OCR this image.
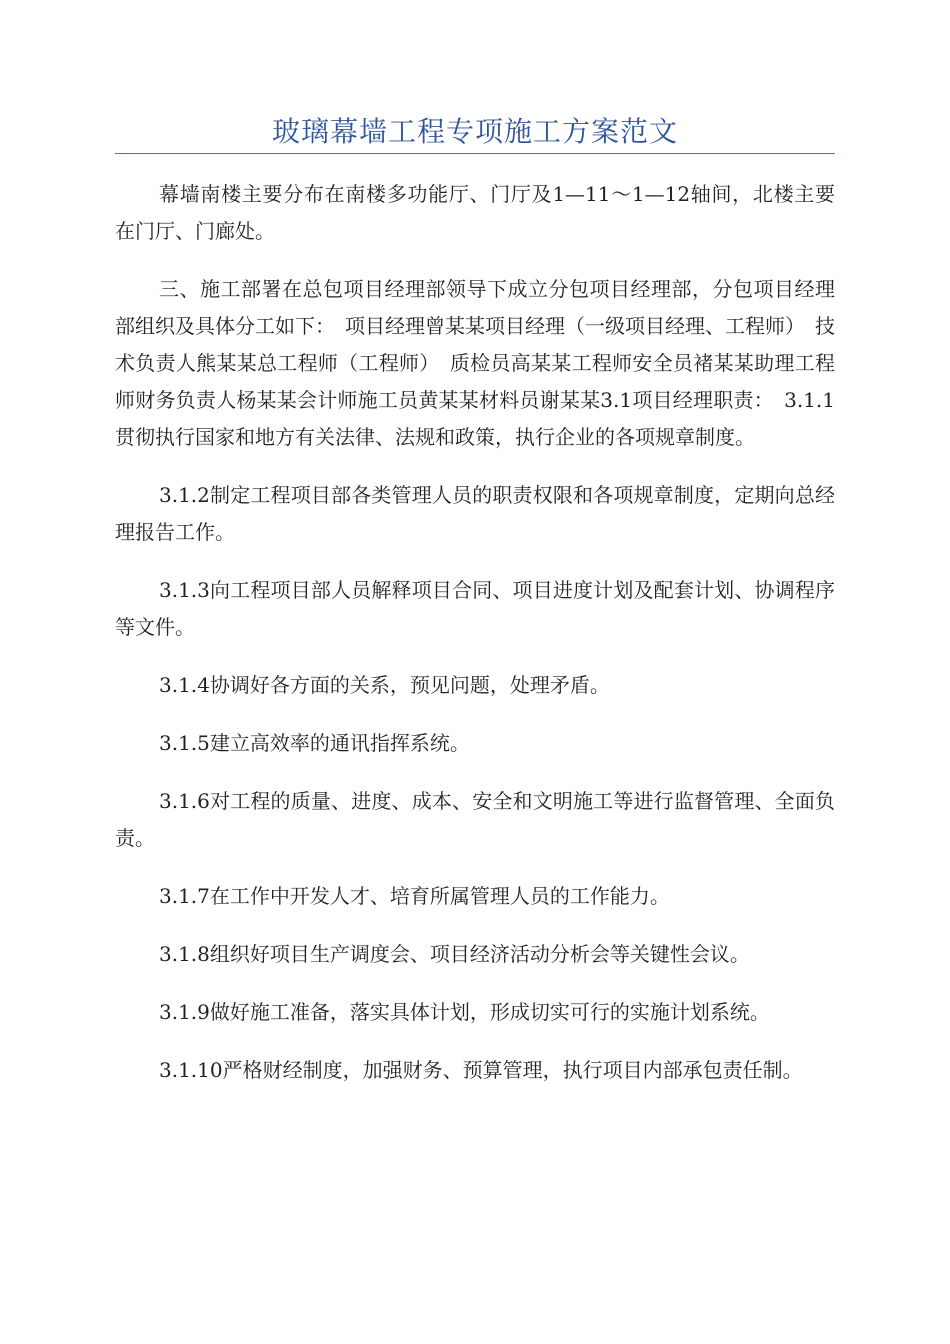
玻璃幕墙工程专项施工方案范文

幕墙南楼主要分布在南楼多功能厅、门厅及1—11～1—12轴间，北楼主要在门厅、门廊处。

三、施工部署在总包项目经理部领导下成立分包项目经理部，分包项目经理部组织及具体分工如下：　项目经理曾某某项目经理（一级项目经理、工程师）　技术负责人熊某某总工程师（工程师）　质检员高某某工程师安全员褚某某助理工程师财务负责人杨某某会计师施工员黄某某材料员谢某某3.1项目经理职责：　3.1.1贯彻执行国家和地方有关法律、法规和政策，执行企业的各项规章制度。

3.1.2制定工程项目部各类管理人员的职责权限和各项规章制度，定期向总经理报告工作。

3.1.3向工程项目部人员解释项目合同、项目进度计划及配套计划、协调程序等文件。

3.1.4协调好各方面的关系，预见问题，处理矛盾。

3.1.5建立高效率的通讯指挥系统。

3.1.6对工程的质量、进度、成本、安全和文明施工等进行监督管理、全面负责。

3.1.7在工作中开发人才、培育所属管理人员的工作能力。

3.1.8组织好项目生产调度会、项目经济活动分析会等关键性会议。

3.1.9做好施工准备，落实具体计划，形成切实可行的实施计划系统。

3.1.10严格财经制度，加强财务、预算管理，执行项目内部承包责任制。
